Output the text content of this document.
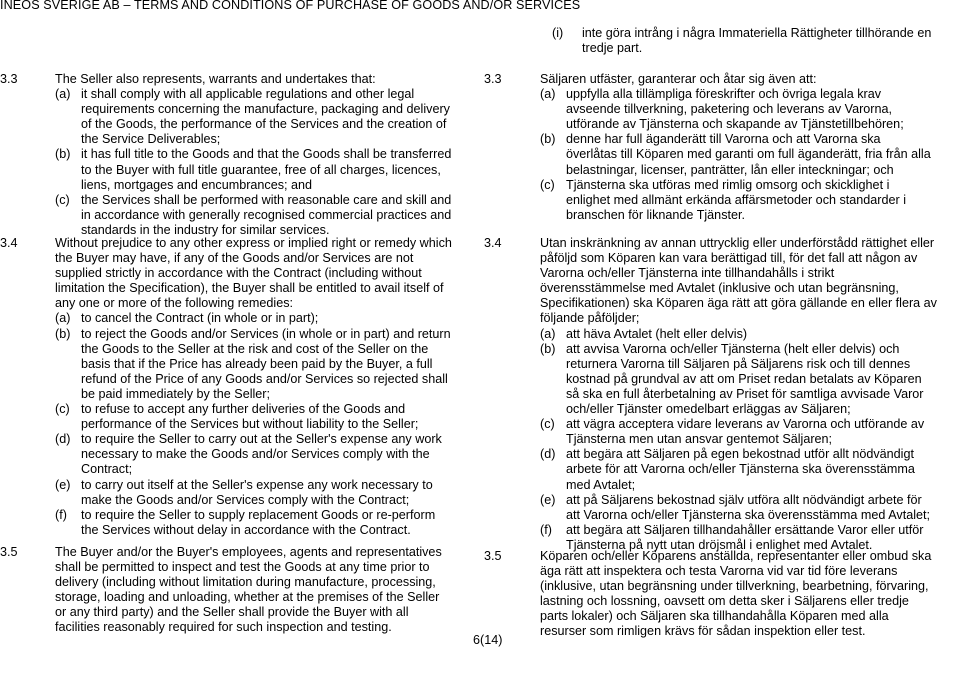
INEOS SVERIGE AB – TERMS AND CONDITIONS OF PURCHASE OF GOODS AND/OR SERVICES
3.3	The Seller also represents, warrants and undertakes that:
(a) it shall comply with all applicable regulations and other legal
requirements concerning the manufacture, packaging and delivery
of the Goods, the performance of the Services and the creation of
the Service Deliverables;
(b) it has full title to the Goods and that the Goods shall be transferred
to the Buyer with full title guarantee, free of all charges, licences,
liens, mortgages and encumbrances; and
(c) the Services shall be performed with reasonable care and skill and
in accordance with generally recognised commercial practices and
standards in the industry for similar services.
3.4	Without prejudice to any other express or implied right or remedy which
the Buyer may have, if any of the Goods and/or Services are not
supplied strictly in accordance with the Contract (including without
limitation the Specification), the Buyer shall be entitled to avail itself of
any one or more of the following remedies:
(a) to cancel the Contract (in whole or in part);
(b) to reject the Goods and/or Services (in whole or in part) and return
the Goods to the Seller at the risk and cost of the Seller on the
basis that if the Price has already been paid by the Buyer, a full
refund of the Price of any Goods and/or Services so rejected shall
be paid immediately by the Seller;
(c) to refuse to accept any further deliveries of the Goods and
performance of the Services but without liability to the Seller;
(d) to require the Seller to carry out at the Seller's expense any work
necessary to make the Goods and/or Services comply with the
Contract;
(e) to carry out itself at the Seller's expense any work necessary to
make the Goods and/or Services comply with the Contract;
(f) to require the Seller to supply replacement Goods or re-perform
the Services without delay in accordance with the Contract.
3.5	The Buyer and/or the Buyer's employees, agents and representatives
shall be permitted to inspect and test the Goods at any time prior to
delivery (including without limitation during manufacture, processing,
storage, loading and unloading, whether at the premises of the Seller
or any third party) and the Seller shall provide the Buyer with all
facilities reasonably required for such inspection and testing.
(i) inte göra intrång i några Immateriella Rättigheter tillhörande en
tredje part.
3.3	Säljaren utfäster, garanterar och åtar sig även att:
(a) uppfylla alla tillämpliga föreskrifter och övriga legala krav
avseende tillverkning, paketering och leverans av Varorna,
utförande av Tjänsterna och skapande av Tjänstetillbehören;
(b) denne har full äganderätt till Varorna och att Varorna ska
överlåtas till Köparen med garanti om full äganderätt, fria från alla
belastningar, licenser, panträtter, lån eller inteckningar; och
(c) Tjänsterna ska utföras med rimlig omsorg och skicklighet i
enlighet med allmänt erkända affärsmetoder och standarder i
branschen för liknande Tjänster.
3.4	Utan inskränkning av annan uttrycklig eller underförstådd rättighet eller
påföljd som Köparen kan vara berättigad till, för det fall att någon av
Varorna och/eller Tjänsterna inte tillhandahålls i strikt
överensstämmelse med Avtalet (inklusive och utan begränsning,
Specifikationen) ska Köparen äga rätt att göra gällande en eller flera av
följande påföljder;
(a) att häva Avtalet (helt eller delvis)
(b) att avvisa Varorna och/eller Tjänsterna (helt eller delvis) och
returnera Varorna till Säljaren på Säljarens risk och till dennes
kostnad på grundval av att om Priset redan betalats av Köparen
så ska en full återbetalning av Priset för samtliga avvisade Varor
och/eller Tjänster omedelbart erläggas av Säljaren;
(c) att vägra acceptera vidare leverans av Varorna och utförande av
Tjänsterna men utan ansvar gentemot Säljaren;
(d) att begära att Säljaren på egen bekostnad utför allt nödvändigt
arbete för att Varorna och/eller Tjänsterna ska överensstämma
med Avtalet;
(e) att på Säljarens bekostnad själv utföra allt nödvändigt arbete för
att Varorna och/eller Tjänsterna ska överensstämma med Avtalet;
(f) att begära att Säljaren tillhandahåller ersättande Varor eller utför
Tjänsterna på nytt utan dröjsmål i enlighet med Avtalet.
3.5	Köparen och/eller Köparens anställda, representanter eller ombud ska
äga rätt att inspektera och testa Varorna vid var tid före leverans
(inklusive, utan begränsning under tillverkning, bearbetning, förvaring,
lastning och lossning, oavsett om detta sker i Säljarens eller tredje
parts lokaler) och Säljaren ska tillhandahålla Köparen med alla
resurser som rimligen krävs för sådan inspektion eller test.
6(14)
